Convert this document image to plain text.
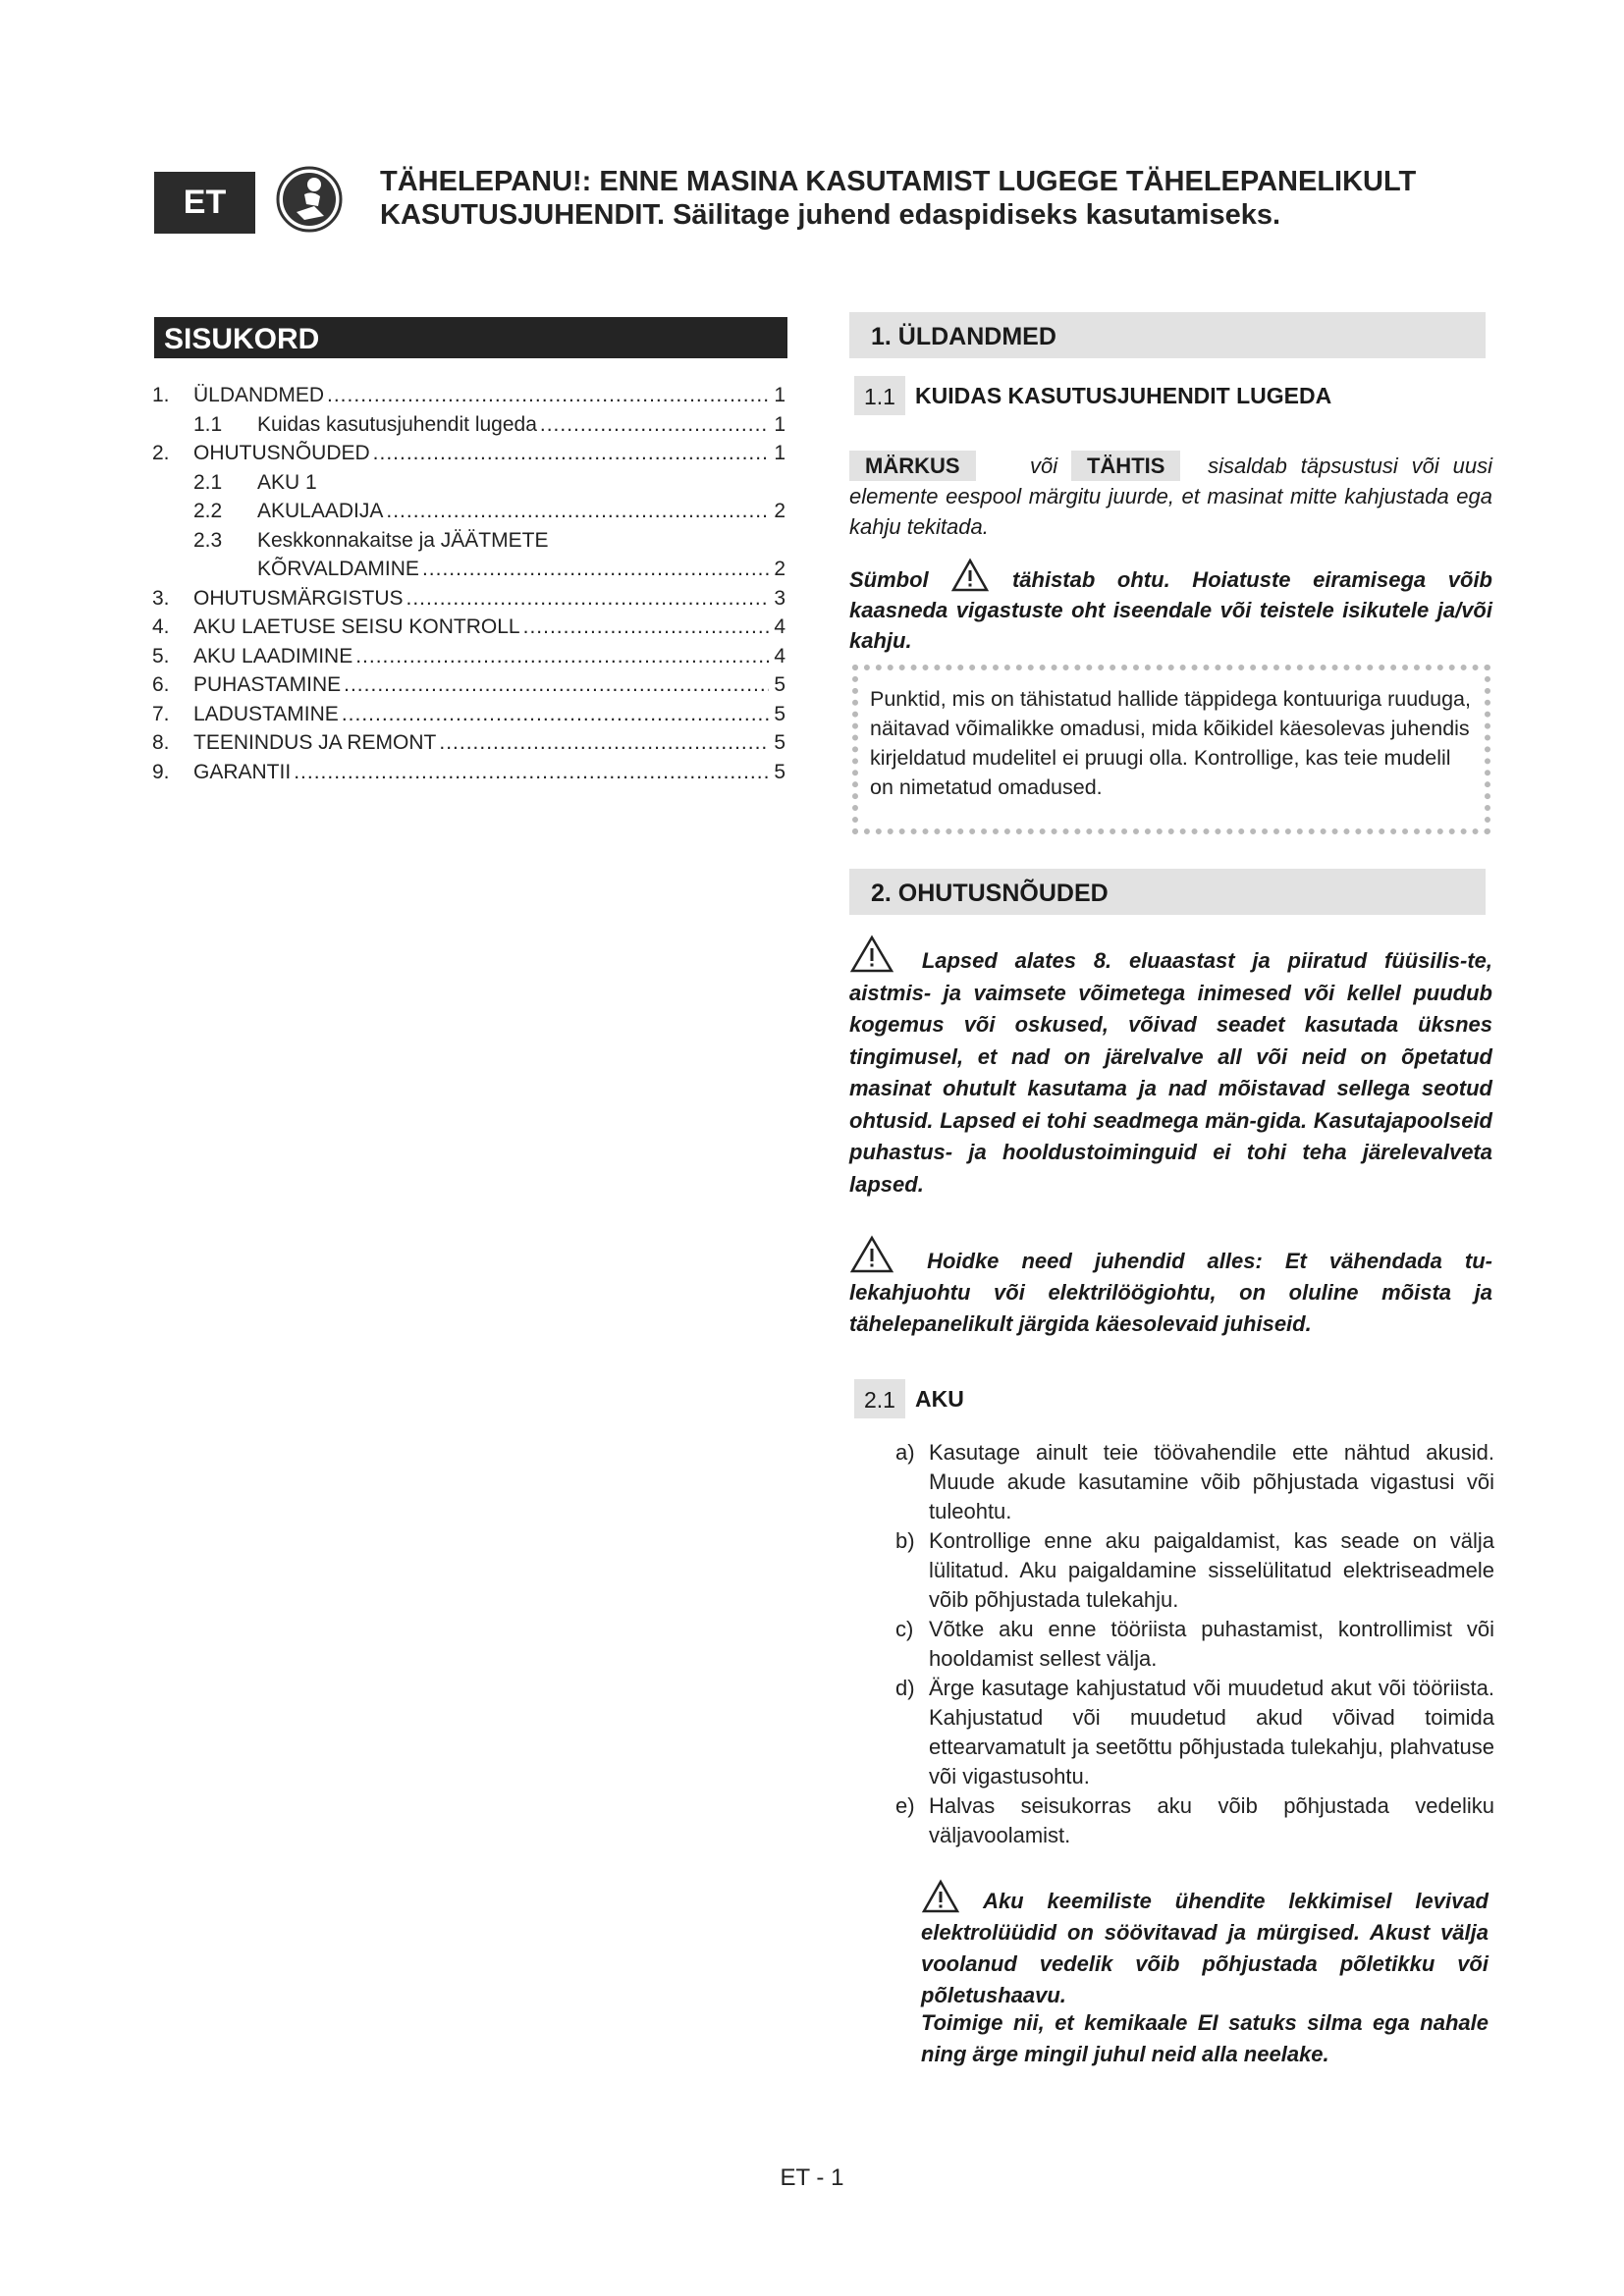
ET
TÄHELEPANU!: ENNE MASINA KASUTAMIST LUGEGE TÄHELEPANELIKULT
KASUTUSJUHENDIT. Säilitage juhend edaspidiseks kasutamiseks.
SISUKORD
1.	ÜLDANDMED .....	1
1.1	Kuidas kasutusjuhendit lugeda .....	1
2.	OHUTUSNÕUDED .....	1
2.1	AKU 1
2.2	AKULAADIJA .....	2
2.3	Keskkonnakaitse ja JÄÄTMETE
KÕRVALDAMINE .....	2
3.	OHUTUSMÄRGISTUS .....	3
4.	AKU LAETUSE SEISU KONTROLL .....	4
5.	AKU LAADIMINE .....	4
6.	PUHASTAMINE .....	5
7.	LADUSTAMINE .....	5
8.	TEENINDUS JA REMONT .....	5
9.	GARANTII .....	5
1. ÜLDANDMED
1.1 KUIDAS KASUTUSJUHENDIT LUGEDA
MÄRKUS	või TÄHTIS sisaldab täpsustusi või uusi elemente eespool märgitu juurde, et masinat mitte kahjustada ega kahju tekitada.
Sümbol	tähistab ohtu. Hoiatuste eiramisega võib kaasneda vigastuste oht iseendale või teistele isikutele ja/või kahju.
Punktid, mis on tähistatud hallide täppidega kontuuriga ruuduga, näitavad võimalikke omadusi, mida kõikidel käesolevas juhendis kirjeldatud mudelitel ei pruugi olla. Kontrollige, kas teie mudelil on nimetatud omadused.
2. OHUTUSNÕUDED
Lapsed alates 8. eluaastast ja piiratud füüsilis-te, aistmis- ja vaimsete võimetega inimesed või kellel puudub kogemus või oskused, võivad seadet kasutada üksnes tingimusel, et nad on järelvalve all või neid on õpetatud masinat ohutult kasutama ja nad mõistavad sellega seotud ohtusid. Lapsed ei tohi seadmega män-gida. Kasutajapoolseid puhastus- ja hooldustoiminguid ei tohi teha järelevalveta lapsed.
Hoidke need juhendid alles: Et vähendada tu-lekahjuohtu või elektrilöögiohtu, on oluline mõista ja tähelepanelikult järgida käesolevaid juhiseid.
2.1 AKU
a) Kasutage ainult teie töövahendile ette nähtud akusid. Muude akude kasutamine võib põhjustada vigastusi või tuleohtu.
b) Kontrollige enne aku paigaldamist, kas seade on välja lülitatud. Aku paigaldamine sisselülitatud elektriseadmele võib põhjustada tulekahju.
c) Võtke aku enne tööriista puhastamist, kontrollimist või hooldamist sellest välja.
d) Ärge kasutage kahjustatud või muudetud akut või tööriista. Kahjustatud või muudetud akud võivad toimida ettearvamatult ja seetõttu põhjustada tulekahju, plahvatuse või vigastusohtu.
e) Halvas seisukorras aku võib põhjustada vedeliku väljavoolamist.
Aku keemiliste ühendite lekkimisel levivad elektrolüüdid on söövitavad ja mürgised. Akust välja voolanud vedelik võib põhjustada põletikku või põletushaavu.
Toimige nii, et kemikaale EI satuks silma ega nahale ning ärge mingil juhul neid alla neelake.
ET - 1
